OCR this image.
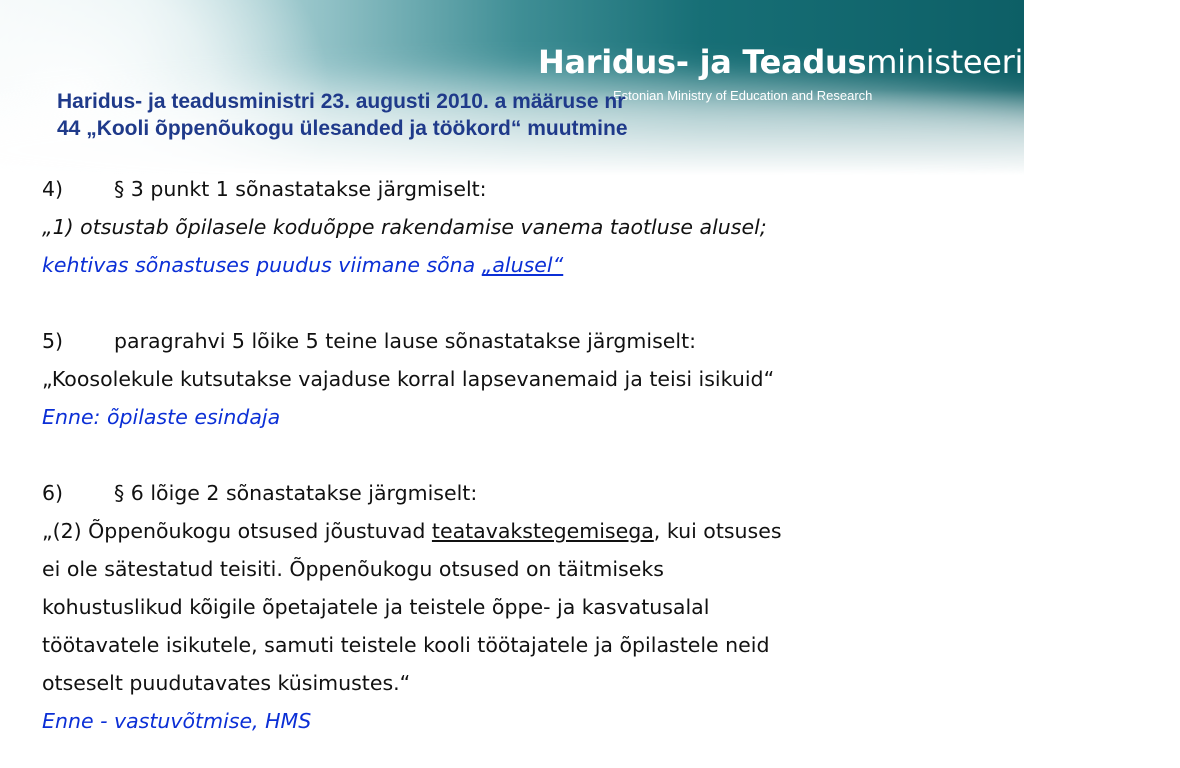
Haridus- ja Teadusministeerium
Estonian Ministry of Education and Research
Haridus- ja teadusministri 23. augusti 2010. a määruse nr
44 „Kooli õppenõukogu ülesanded ja töökord“ muutmine
4) § 3 punkt 1 sõnastatakse järgmiselt:
„1) otsustab õpilasele koduõppe rakendamise vanema taotluse alusel;
kehtivas sõnastuses puudus viimane sõna „alusel“
5) paragrahvi 5 lõike 5 teine lause sõnastatakse järgmiselt:
„Koosolekule kutsutakse vajaduse korral lapsevanemaid ja teisi isikuid“
Enne: õpilaste esindaja
6) § 6 lõige 2 sõnastatakse järgmiselt:
„(2) Õppenõukogu otsused jõustuvad teatavakstegemisega, kui otsuses
ei ole sätestatud teisiti. Õppenõukogu otsused on täitmiseks
kohustuslikud kõigile õpetajatele ja teistele õppe- ja kasvatusalal
töötavatele isikutele, samuti teistele kooli töötajatele ja õpilastele neid
otseselt puudutavates küsimustes.“
Enne - vastuvõtmise, HMS
